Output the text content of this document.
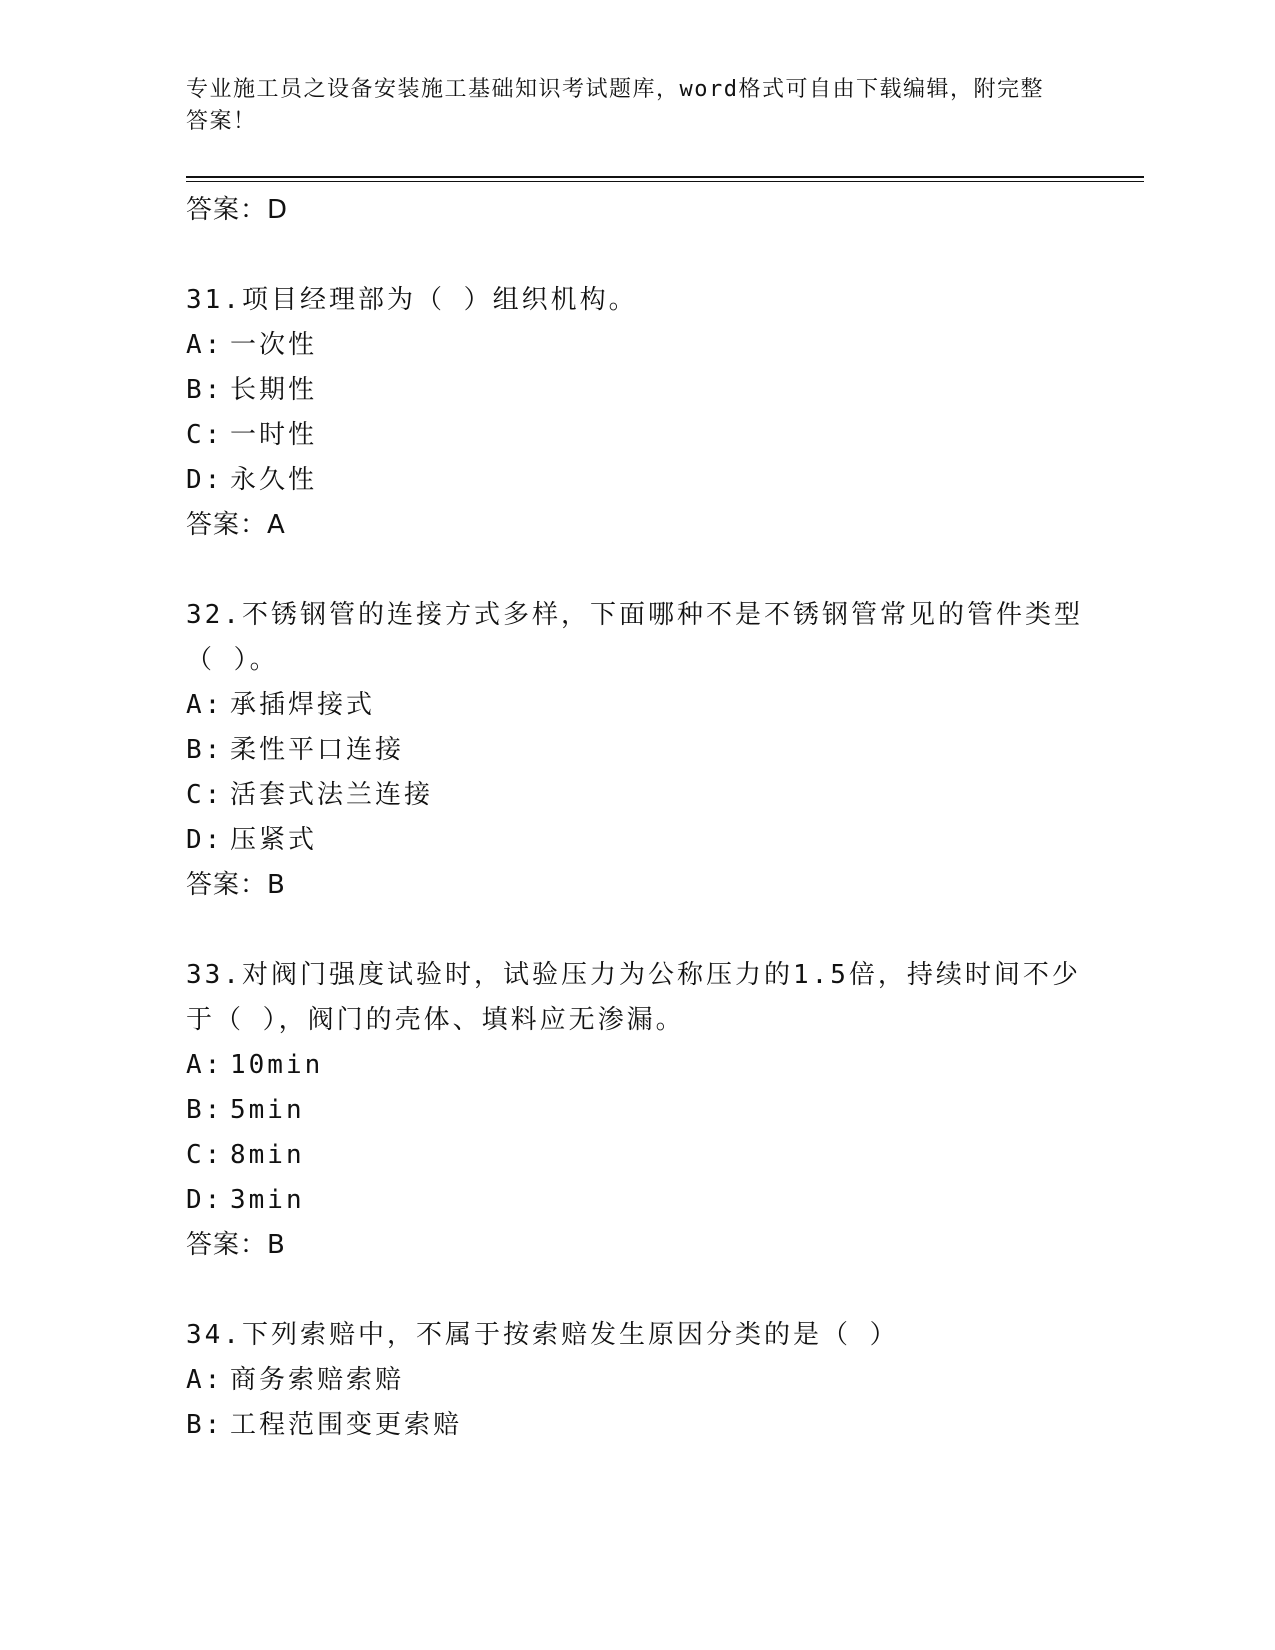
专业施工员之设备安装施工基础知识考试题库，word格式可自由下载编辑，附完整答案！
答案：D
31.项目经理部为（ ）组织机构。
A: 一次性
B: 长期性
C: 一时性
D: 永久性
答案：A
32.不锈钢管的连接方式多样，下面哪种不是不锈钢管常见的管件类型（ ）。
A: 承插焊接式
B: 柔性平口连接
C: 活套式法兰连接
D: 压紧式
答案：B
33.对阀门强度试验时，试验压力为公称压力的1.5倍，持续时间不少于（ ），阀门的壳体、填料应无渗漏。
A: 10min
B: 5min
C: 8min
D: 3min
答案：B
34.下列索赔中，不属于按索赔发生原因分类的是（ ）
A: 商务索赔索赔
B: 工程范围变更索赔
